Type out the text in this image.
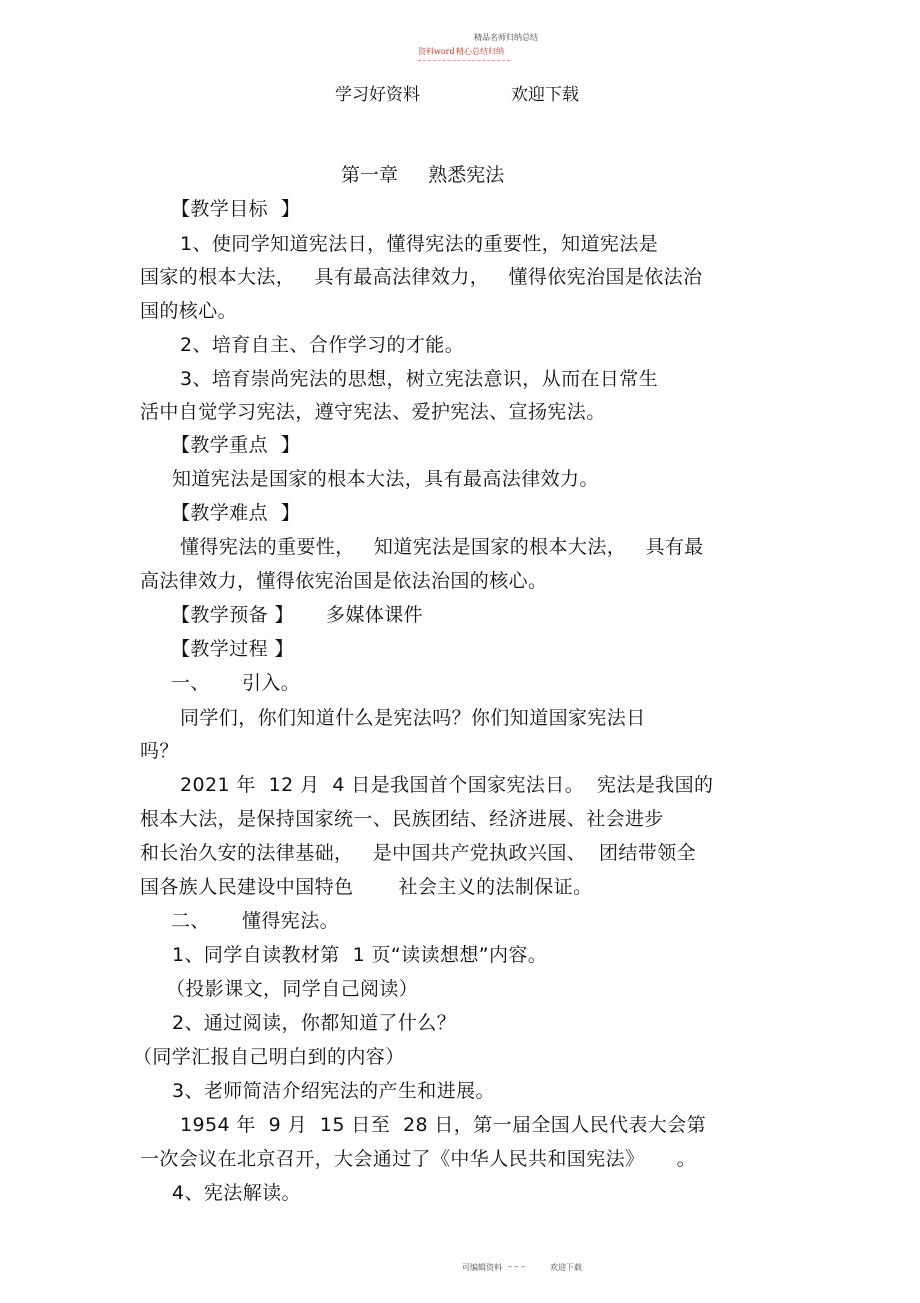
精品名师归纳总结
资料word 精心总结归纳
学习好资料	欢迎下载
第一章     熟悉宪法
【教学目标  】
1、使同学知道宪法日，懂得宪法的重要性，知道宪法是
国家的根本大法，   具有最高法律效力，   懂得依宪治国是依法治
国的核心。
2、培育自主、合作学习的才能。
3、培育崇尚宪法的思想，树立宪法意识，从而在日常生
活中自觉学习宪法，遵守宪法、爱护宪法、宣扬宪法。
【教学重点  】
知道宪法是国家的根本大法，具有最高法律效力。
【教学难点  】
懂得宪法的重要性，   知道宪法是国家的根本大法，   具有最
高法律效力，懂得依宪治国是依法治国的核心。
【教学预备 】     多媒体课件
【教学过程 】
一、     引入。
同学们，你们知道什么是宪法吗？你们知道国家宪法日
吗？
2021 年  12 月  4 日是我国首个国家宪法日。  宪法是我国的
根本大法，是保持国家统一、民族团结、经济进展、社会进步
和长治久安的法律基础，   是中国共产党执政兴国、  团结带领全
国各族人民建设中国特色       社会主义的法制保证。
二、     懂得宪法。
1、同学自读教材第  1 页“读读想想”内容。
（投影课文，同学自己阅读）
2、通过阅读，你都知道了什么？
（同学汇报自己明白到的内容）
3、老师简洁介绍宪法的产生和进展。
1954 年  9 月  15 日至  28 日，第一届全国人民代表大会第
一次会议在北京召开，大会通过了《中华人民共和国宪法》     。
4、宪法解读。
可编辑资料 – – –	欢迎下载
